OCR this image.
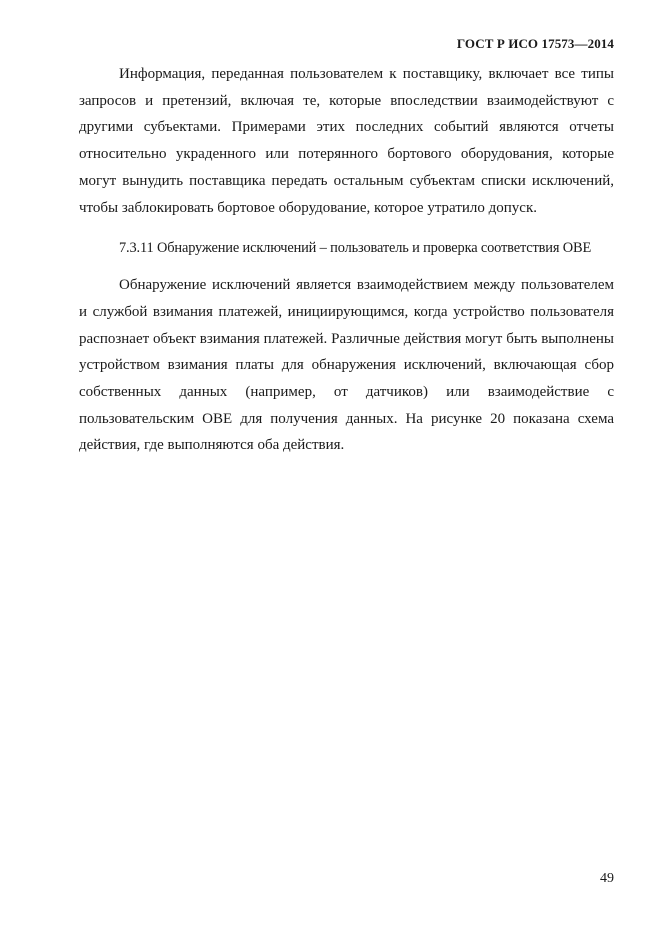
ГОСТ Р ИСО 17573—2014

Информация, переданная пользователем к поставщику, включает все типы запросов и претензий, включая те, которые впоследствии взаимодействуют с другими субъектами. Примерами этих последних событий являются отчеты относительно украденного или потерянного бортового оборудования, которые могут вынудить поставщика передать остальным субъектам списки исключений, чтобы заблокировать бортовое оборудование, которое утратило допуск.

7.3.11 Обнаружение исключений – пользователь и проверка соответствия OBE

Обнаружение исключений является взаимодействием между пользователем и службой взимания платежей, инициирующимся, когда устройство пользователя распознает объект взимания платежей. Различные действия могут быть выполнены устройством взимания платы для обнаружения исключений, включающая сбор собственных данных (например, от датчиков) или взаимодействие с пользовательским OBE для получения данных. На рисунке 20 показана схема действия, где выполняются оба действия.

49
